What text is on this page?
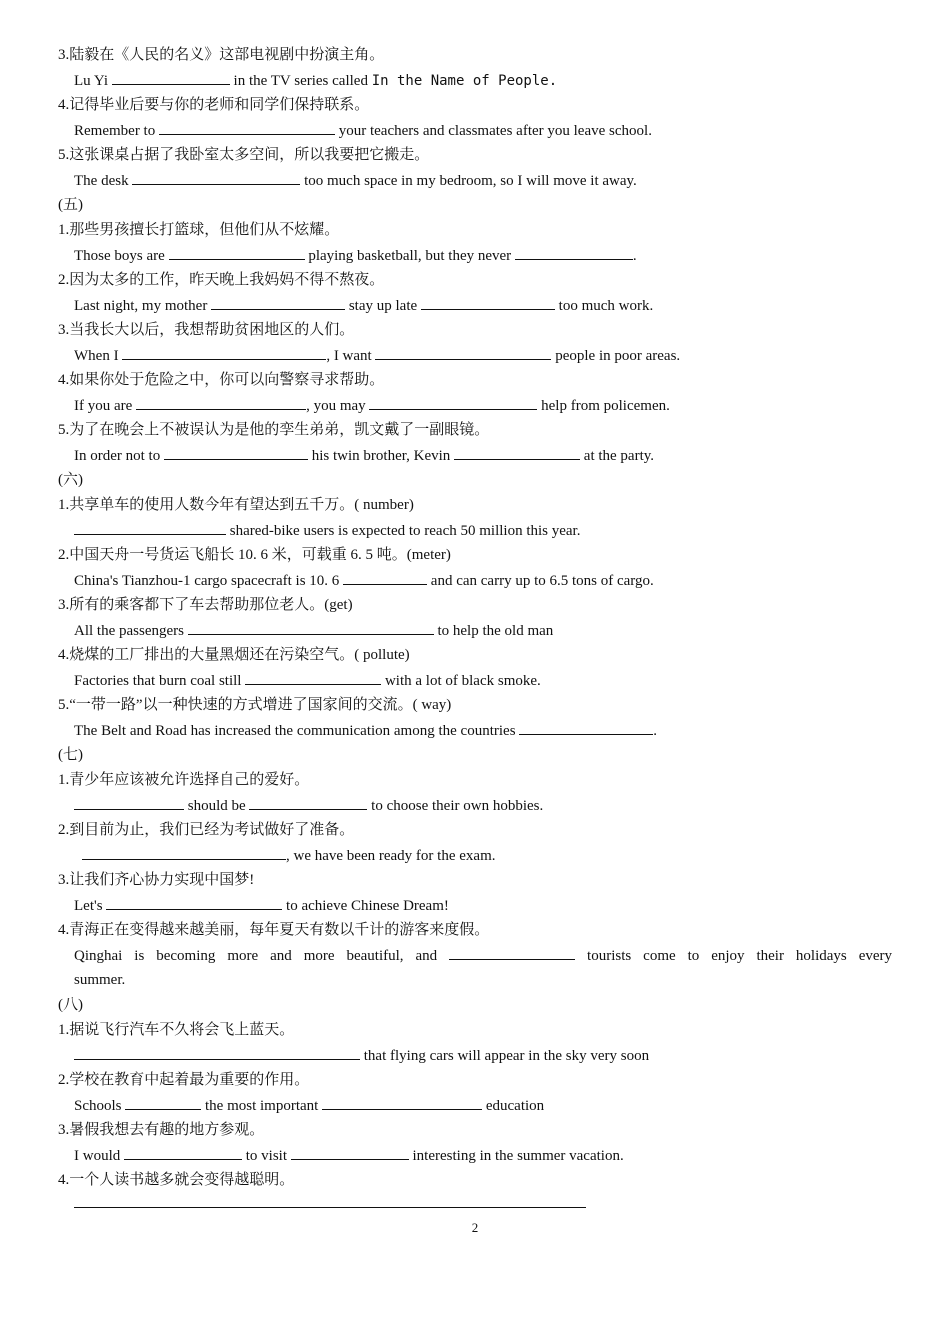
3.陆毅在《人民的名义》这部电视剧中扮演主角。
Lu Yi	in the TV series called In the Name of People.
4.记得毕业后要与你的老师和同学们保持联系。
Remember to	your teachers and classmates after you leave school.
5.这张课桌占据了我卧室太多空间，所以我要把它搬走。
The desk	too much space in my bedroom, so I will move it away.
(五)
1.那些男孩擅长打篮球，但他们从不炫耀。
Those boys are	playing basketball, but they never	.
2.因为太多的工作，昨天晚上我妈妈不得不熬夜。
Last night, my mother	stay up late	too much work.
3.当我长大以后，我想帮助贫困地区的人们。
When I	, I want	people in poor areas.
4.如果你处于危险之中，你可以向警察寻求帮助。
If you are	, you may	help from policemen.
5.为了在晚会上不被误认为是他的孪生弟弟，凯文戴了一副眼镜。
In order not to	his twin brother, Kevin	at the party.
(六)
1.共享单车的使用人数今年有望达到五千万。( number)
shared-bike users is expected to reach 50 million this year.
2.中国天舟一号货运飞船长 10. 6 米，可载重 6. 5 吨。(meter)
China's Tianzhou-1 cargo spacecraft is 10. 6	and can carry up to 6.5 tons of cargo.
3.所有的乘客都下了车去帮助那位老人。(get)
All the passengers	to help the old man
4.烧煤的工厂排出的大量黑烟还在污染空气。( pollute)
Factories that burn coal still	with a lot of black smoke.
5.“一带一路”以一种快速的方式增进了国家间的交流。( way)
The Belt and Road has increased the communication among the countries	.
(七)
1.青少年应该被允许选择自己的爱好。
should be	to choose their own hobbies.
2.到目前为止，我们已经为考试做好了准备。
, we have been ready for the exam.
3.让我们齐心协力实现中国梦!
Let's	to achieve Chinese Dream!
4.青海正在变得越来越美丽，每年夏天有数以千计的游客来度假。
Qinghai is becoming more and more beautiful, and	tourists come to enjoy their holidays every
summer.
(八)
1.据说飞行汽车不久将会飞上蓝天。
that flying cars will appear in the sky very soon
2.学校在教育中起着最为重要的作用。
Schools	the most important	education
3.暑假我想去有趣的地方参观。
I would	to visit	interesting in the summer vacation.
4.一个人读书越多就会变得越聪明。
2
